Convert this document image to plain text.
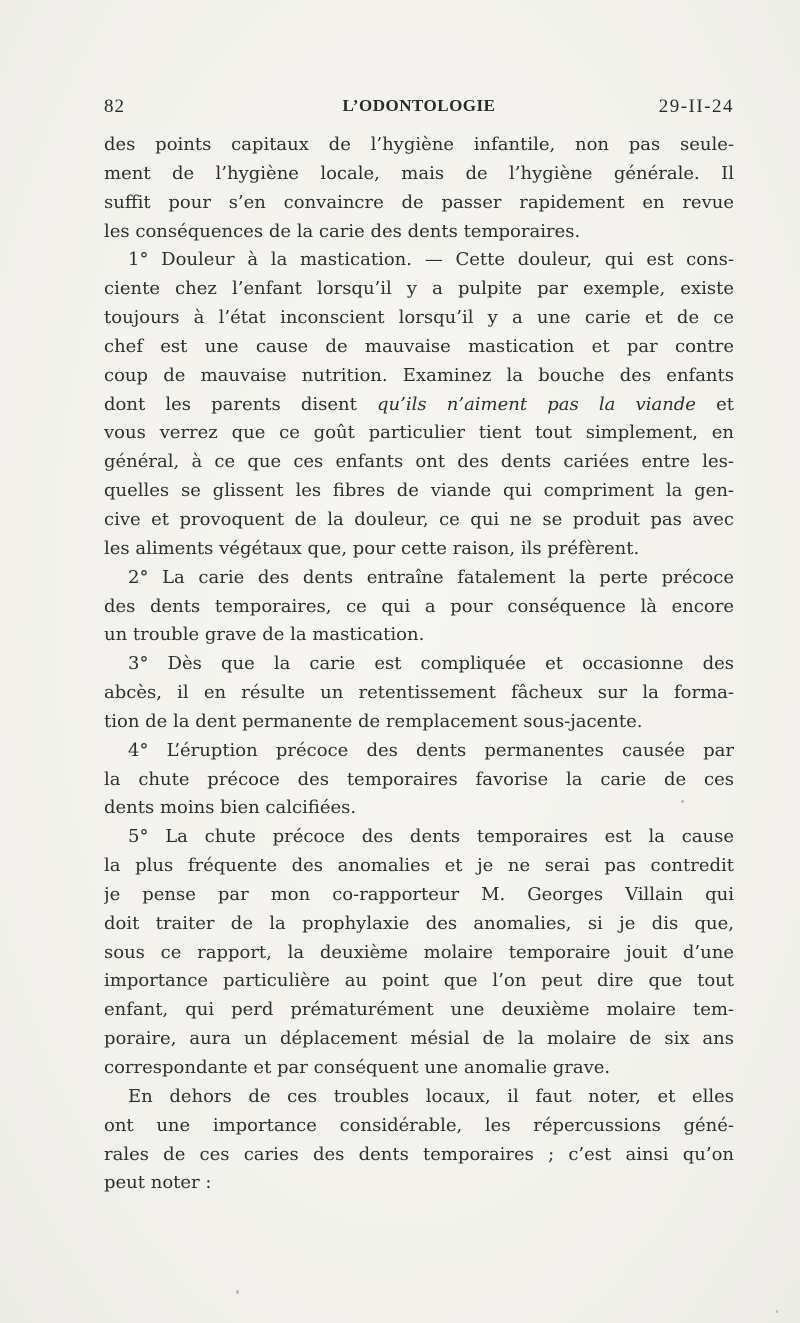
82	L’ODONTOLOGIE	29-II-24
des points capitaux de l’hygiène infantile, non pas seule-
ment de l’hygiène locale, mais de l’hygiène générale. Il
suffit pour s’en convaincre de passer rapidement en revue
les conséquences de la carie des dents temporaires.
1° Douleur à la mastication. — Cette douleur, qui est cons-
ciente chez l’enfant lorsqu’il y a pulpite par exemple, existe
toujours à l’état inconscient lorsqu’il y a une carie et de ce
chef est une cause de mauvaise mastication et par contre
coup de mauvaise nutrition. Examinez la bouche des enfants
dont les parents disent qu’ils n’aiment pas la viande et
vous verrez que ce goût particulier tient tout simplement, en
général, à ce que ces enfants ont des dents cariées entre les-
quelles se glissent les fibres de viande qui compriment la gen-
cive et provoquent de la douleur, ce qui ne se produit pas avec
les aliments végétaux que, pour cette raison, ils préfèrent.
2° La carie des dents entraîne fatalement la perte précoce
des dents temporaires, ce qui a pour conséquence là encore
un trouble grave de la mastication.
3° Dès que la carie est compliquée et occasionne des
abcès, il en résulte un retentissement fâcheux sur la forma-
tion de la dent permanente de remplacement sous-jacente.
4° L’éruption précoce des dents permanentes causée par
la chute précoce des temporaires favorise la carie de ces
dents moins bien calcifiées.
5° La chute précoce des dents temporaires est la cause
la plus fréquente des anomalies et je ne serai pas contredit
je pense par mon co-rapporteur M. Georges Villain qui
doit traiter de la prophylaxie des anomalies, si je dis que,
sous ce rapport, la deuxième molaire temporaire jouit d’une
importance particulière au point que l’on peut dire que tout
enfant, qui perd prématurément une deuxième molaire tem-
poraire, aura un déplacement mésial de la molaire de six ans
correspondante et par conséquent une anomalie grave.
En dehors de ces troubles locaux, il faut noter, et elles
ont une importance considérable, les répercussions géné-
rales de ces caries des dents temporaires ; c’est ainsi qu’on
peut noter :
